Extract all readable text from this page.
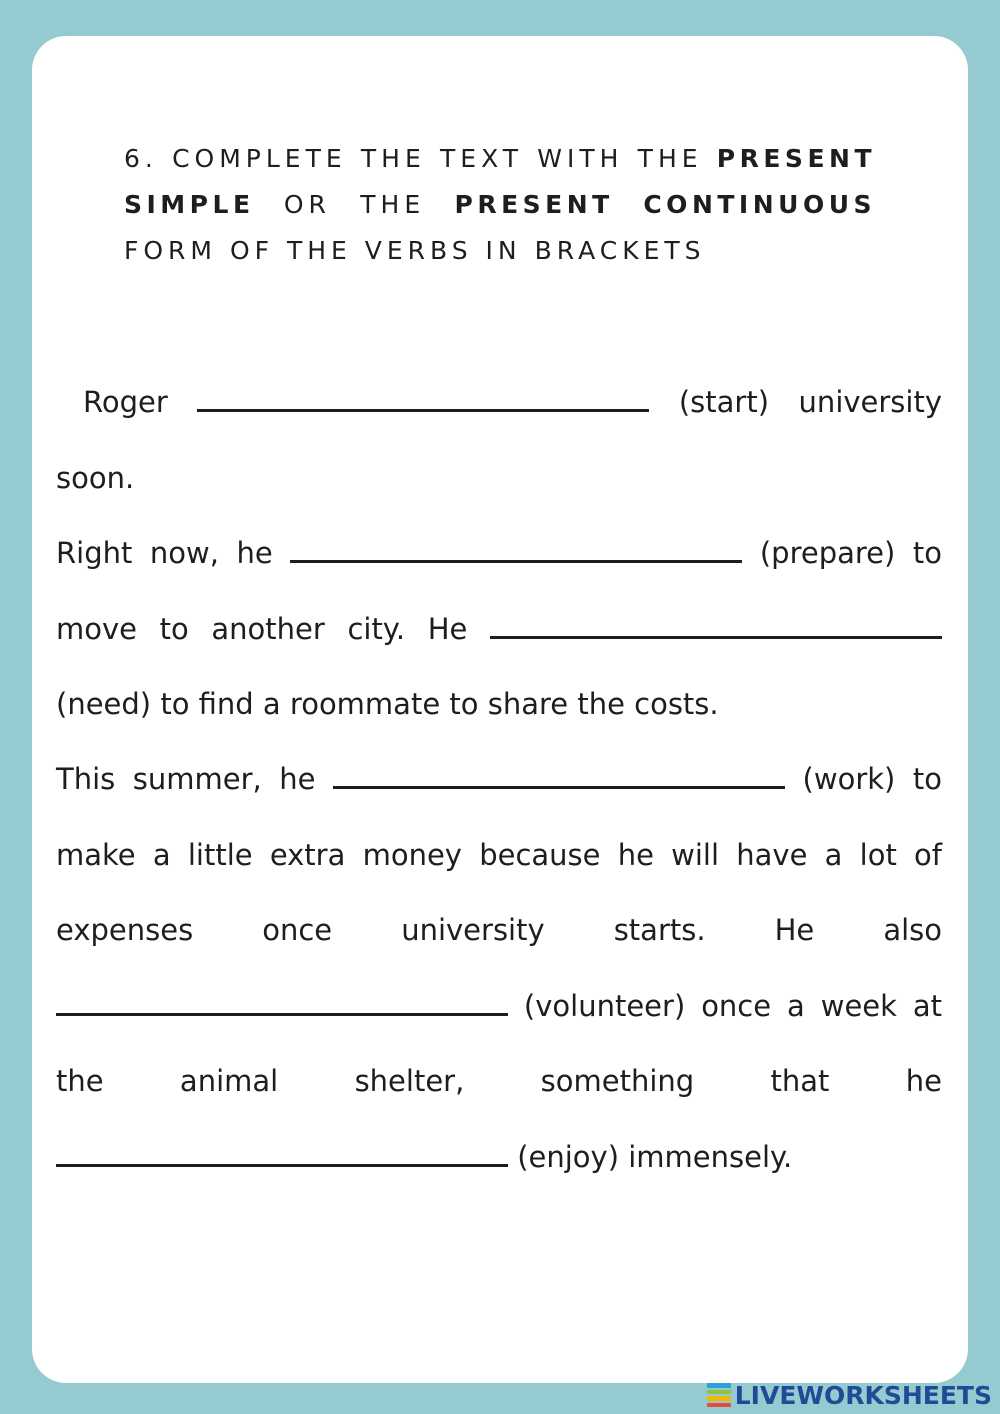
6. COMPLETE THE TEXT WITH THE PRESENT SIMPLE OR THE PRESENT CONTINUOUS FORM OF THE VERBS IN BRACKETS
Roger	(start) university soon.
Right now, he	(prepare) to move to another city. He  (need) to find a roommate to share the costs.
This summer, he	(work) to make a little extra money because he will have a lot of expenses once university starts. He also  (volunteer) once a week at the animal shelter, something that he  (enjoy) immensely.
LIVEWORKSHEETS
